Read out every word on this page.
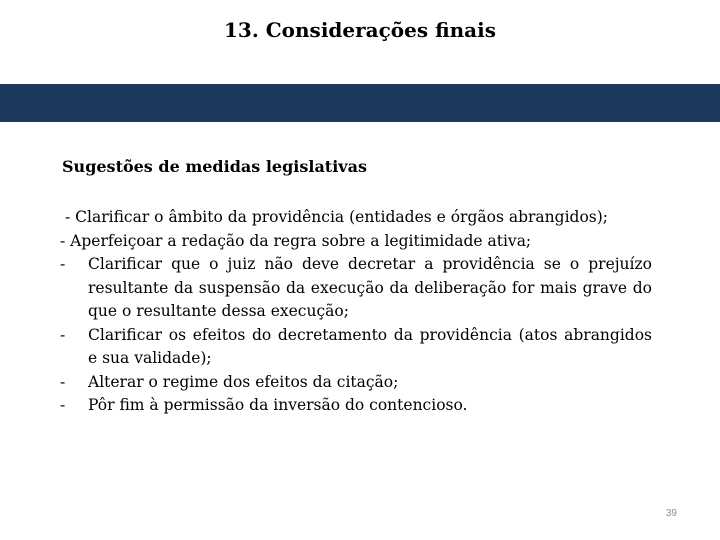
13. Considerações finais
Sugestões de medidas legislativas
- Clarificar o âmbito da providência (entidades e órgãos abrangidos);
- Aperfeiçoar a redação da regra sobre a legitimidade ativa;
-	Clarificar que o juiz não deve decretar a providência se o prejuízo resultante da suspensão da execução da deliberação for mais grave do que o resultante dessa execução;
-	Clarificar os efeitos do decretamento da providência (atos abrangidos e sua validade);
-	Alterar o regime dos efeitos da citação;
-	Pôr fim à permissão da inversão do contencioso.
39
